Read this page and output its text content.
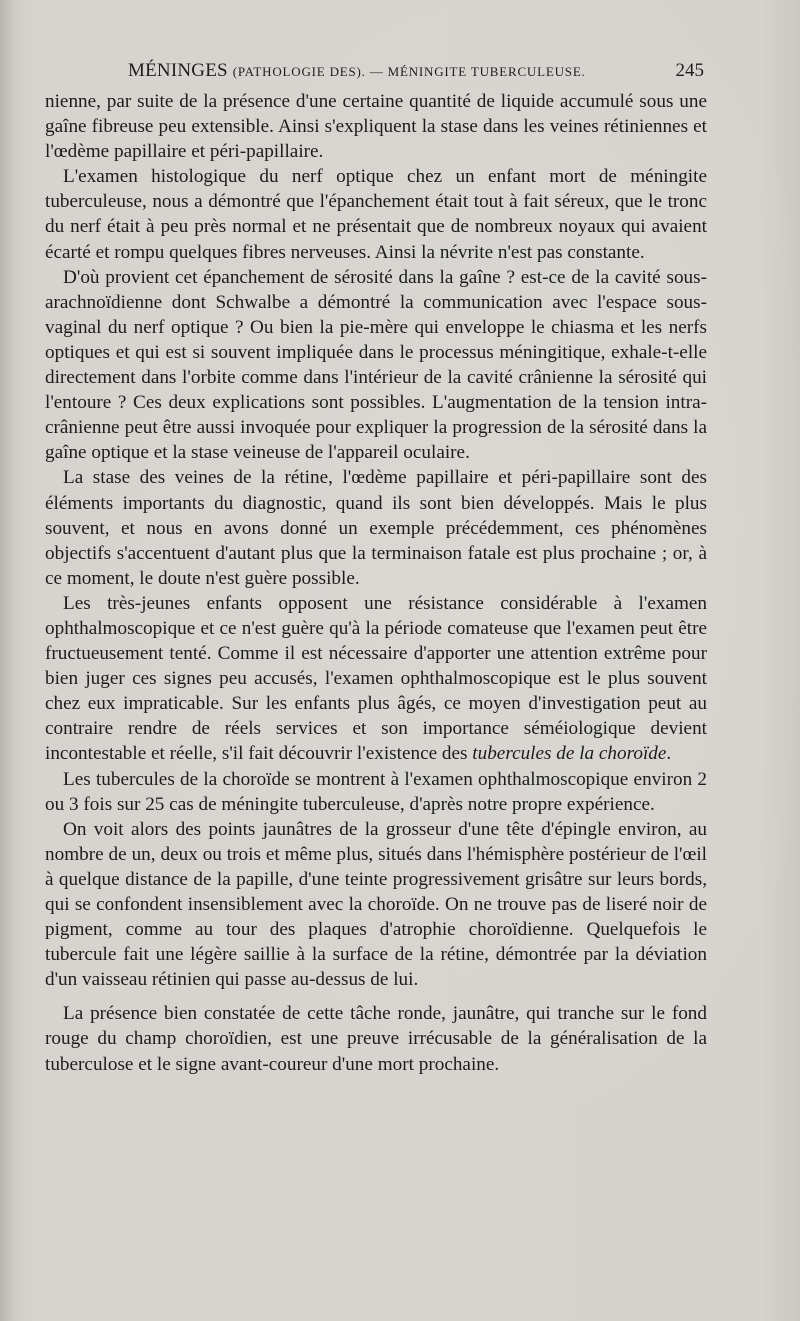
MÉNINGES (PATHOLOGIE DES). — MÉNINGITE TUBERCULEUSE.	245

nienne, par suite de la présence d'une certaine quantité de liquide accumulé sous une gaîne fibreuse peu extensible. Ainsi s'expliquent la stase dans les veines rétiniennes et l'œdème papillaire et péri-papillaire.

L'examen histologique du nerf optique chez un enfant mort de méningite tuberculeuse, nous a démontré que l'épanchement était tout à fait séreux, que le tronc du nerf était à peu près normal et ne présentait que de nombreux noyaux qui avaient écarté et rompu quelques fibres nerveuses. Ainsi la névrite n'est pas constante.

D'où provient cet épanchement de sérosité dans la gaîne ? est-ce de la cavité sous-arachnoïdienne dont Schwalbe a démontré la communication avec l'espace sous-vaginal du nerf optique ? Ou bien la pie-mère qui enveloppe le chiasma et les nerfs optiques et qui est si souvent impliquée dans le processus méningitique, exhale-t-elle directement dans l'orbite comme dans l'intérieur de la cavité crânienne la sérosité qui l'entoure ? Ces deux explications sont possibles. L'augmentation de la tension intra-crânienne peut être aussi invoquée pour expliquer la progression de la sérosité dans la gaîne optique et la stase veineuse de l'appareil oculaire.

La stase des veines de la rétine, l'œdème papillaire et péri-papillaire sont des éléments importants du diagnostic, quand ils sont bien développés. Mais le plus souvent, et nous en avons donné un exemple précédemment, ces phénomènes objectifs s'accentuent d'autant plus que la terminaison fatale est plus prochaine ; or, à ce moment, le doute n'est guère possible.

Les très-jeunes enfants opposent une résistance considérable à l'examen ophthalmoscopique et ce n'est guère qu'à la période comateuse que l'examen peut être fructueusement tenté. Comme il est nécessaire d'apporter une attention extrême pour bien juger ces signes peu accusés, l'examen ophthalmoscopique est le plus souvent chez eux impraticable. Sur les enfants plus âgés, ce moyen d'investigation peut au contraire rendre de réels services et son importance séméiologique devient incontestable et réelle, s'il fait découvrir l'existence des tubercules de la choroïde.

Les tubercules de la choroïde se montrent à l'examen ophthalmoscopique environ 2 ou 3 fois sur 25 cas de méningite tuberculeuse, d'après notre propre expérience.

On voit alors des points jaunâtres de la grosseur d'une tête d'épingle environ, au nombre de un, deux ou trois et même plus, situés dans l'hémisphère postérieur de l'œil à quelque distance de la papille, d'une teinte progressivement grisâtre sur leurs bords, qui se confondent insensiblement avec la choroïde. On ne trouve pas de liseré noir de pigment, comme au tour des plaques d'atrophie choroïdienne. Quelquefois le tubercule fait une légère saillie à la surface de la rétine, démontrée par la déviation d'un vaisseau rétinien qui passe au-dessus de lui.

La présence bien constatée de cette tâche ronde, jaunâtre, qui tranche sur le fond rouge du champ choroïdien, est une preuve irrécusable de la généralisation de la tuberculose et le signe avant-coureur d'une mort prochaine.
